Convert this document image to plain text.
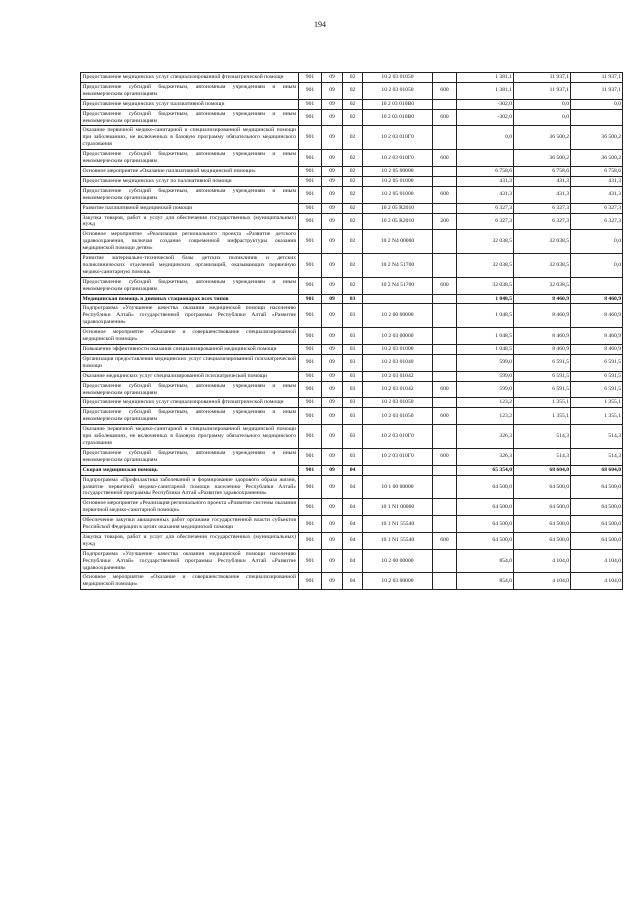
194
Предоставление медицинских услуг специализированной фтизиатрической помощи	901	09	02	10 2 03 01050		1 381,1	11 937,1	11 937,1
Предоставление субсидий бюджетным, автономным учреждениям и иным некоммерческим организациям	901	09	02	10 2 03 01050	600	1 381,1	11 937,1	11 937,1
Предоставление медицинских услуг паллиативной помощи	901	09	02	10 2 03 010В0		-302,0	0,0	0,0
Предоставление субсидий бюджетным, автономным учреждениям и иным некоммерческим организациям	901	09	02	10 2 03 010В0	600	-302,0	0,0	
Оказание первичной медико-санитарной и специализированной медицинской помощи при заболеваниях, не включенных в базовую программу обязательного медицинского страхования	901	09	02	10 2 03 010Г0		0,0	36 500,2	36 500,2
Предоставление субсидий бюджетным, автономным учреждениям и иным некоммерческим организациям	901	09	02	10 2 03 010Г0	600		36 500,2	36 500,2
Основное мероприятие «Оказание паллиативной медицинской помощи»	901	09	02	10 2 05 00000		6 758,6	6 758,6	6 758,6
Предоставление медицинских услуг по паллиативной помощи	901	09	02	10 2 05 01000		431,3	431,3	431,3
Предоставление субсидий бюджетным, автономным учреждениям и иным некоммерческим организациям	901	09	02	10 2 05 01000	600	431,3	431,3	431,3
Развитие паллиативной медицинской помощи	901	09	02	10 2 05 R2010		6 327,3	6 327,3	6 327,3
Закупка товаров, работ и услуг для обеспечения государственных (муниципальных) нужд	901	09	02	10 2 05 R2010	200	6 327,3	6 327,3	6 327,3
Основное мероприятие «Реализация регионального проекта «Развитие детского здравоохранения, включая создание современной инфраструктуры оказания медицинской помощи детям»	901	09	02	10 2 N4 00000		32 038,5	32 038,5	0,0
Развитие материально-технической базы детских поликлиник и детских поликлинических отделений медицинских организаций, оказывающих первичную медико-санитарную помощь	901	09	02	10 2 N4 51700		32 038,5	32 038,5	0,0
Предоставление субсидий бюджетным, автономным учреждениям и иным некоммерческим организациям	901	09	02	10 2 N4 51700	600	32 038,5	32 038,5	
Медицинская помощь в дневных стационарах всех типов	901	09	03			1 048,5	8 460,9	8 460,9
Подпрограмма «Улучшение качества оказания медицинской помощи населению Республики Алтай» государственной программы Республики Алтай «Развитие здравоохранения»	901	09	03	10 2 00 00000		1 048,5	8 460,9	8 460,9
Основное мероприятие «Оказание и совершенствование специализированной медицинской помощи»	901	09	03	10 2 03 00000		1 048,5	8 460,9	8 460,9
Повышение эффективности оказания специализированной медицинской помощи	901	09	03	10 2 03 01000		1 048,5	8 460,9	8 460,9
Организация предоставления медицинских услуг специализированной психиатрической помощи	901	09	03	10 2 03 01040		599,0	6 591,5	6 591,5
Оказание медицинских услуг специализированной психиатрической помощи	901	09	03	10 2 03 01042		599,0	6 591,5	6 591,5
Предоставление субсидий бюджетным, автономным учреждениям и иным некоммерческим организациям	901	09	03	10 2 03 01042	600	599,0	6 591,5	6 591,5
Предоставление медицинских услуг специализированной фтизиатрической помощи	901	09	03	10 2 03 01050		123,2	1 355,1	1 355,1
Предоставление субсидий бюджетным, автономным учреждениям и иным некоммерческим организациям	901	09	03	10 2 03 01050	600	123,2	1 355,1	1 355,1
Оказание первичной медико-санитарной и специализированной медицинской помощи при заболеваниях, не включенных в базовую программу обязательного медицинского страхования	901	09	03	10 2 03 010Г0		326,3	514,3	514,3
Предоставление субсидий бюджетным, автономным учреждениям и иным некоммерческим организациям	901	09	03	10 2 03 010Г0	600	326,3	514,3	514,3
Скорая медицинская помощь	901	09	04			65 354,0	68 604,0	68 604,0
Подпрограмма «Профилактика заболеваний и формирование здорового образа жизни, развитие первичной медико-санитарной помощи населению Республики Алтай» государственной программы Республики Алтай «Развитие здравоохранения»	901	09	04	10 1 00 00000		64 500,0	64 500,0	64 500,0
Основное мероприятие «Реализация регионального проекта «Развитие системы оказания первичной медико-санитарной помощи»	901	09	04	10 1 N1 00000		64 500,0	64 500,0	64 500,0
Обеспечение закупки авиационных работ органами государственной власти субъектов Российской Федерации в целях оказания медицинской помощи	901	09	04	10 1 N1 55540		64 500,0	64 500,0	64 500,0
Закупка товаров, работ и услуг для обеспечения государственных (муниципальных) нужд	901	09	04	10 1 N1 55540	600	64 500,0	64 500,0	64 500,0
Подпрограмма «Улучшение качества оказания медицинской помощи населению Республики Алтай» государственной программы Республики Алтай «Развитие здравоохранения»	901	09	04	10 2 00 00000		854,0	4 104,0	4 104,0
Основное мероприятие «Оказание и совершенствование специализированной медицинской помощи»	901	09	04	10 2 03 00000		854,0	4 104,0	4 104,0
